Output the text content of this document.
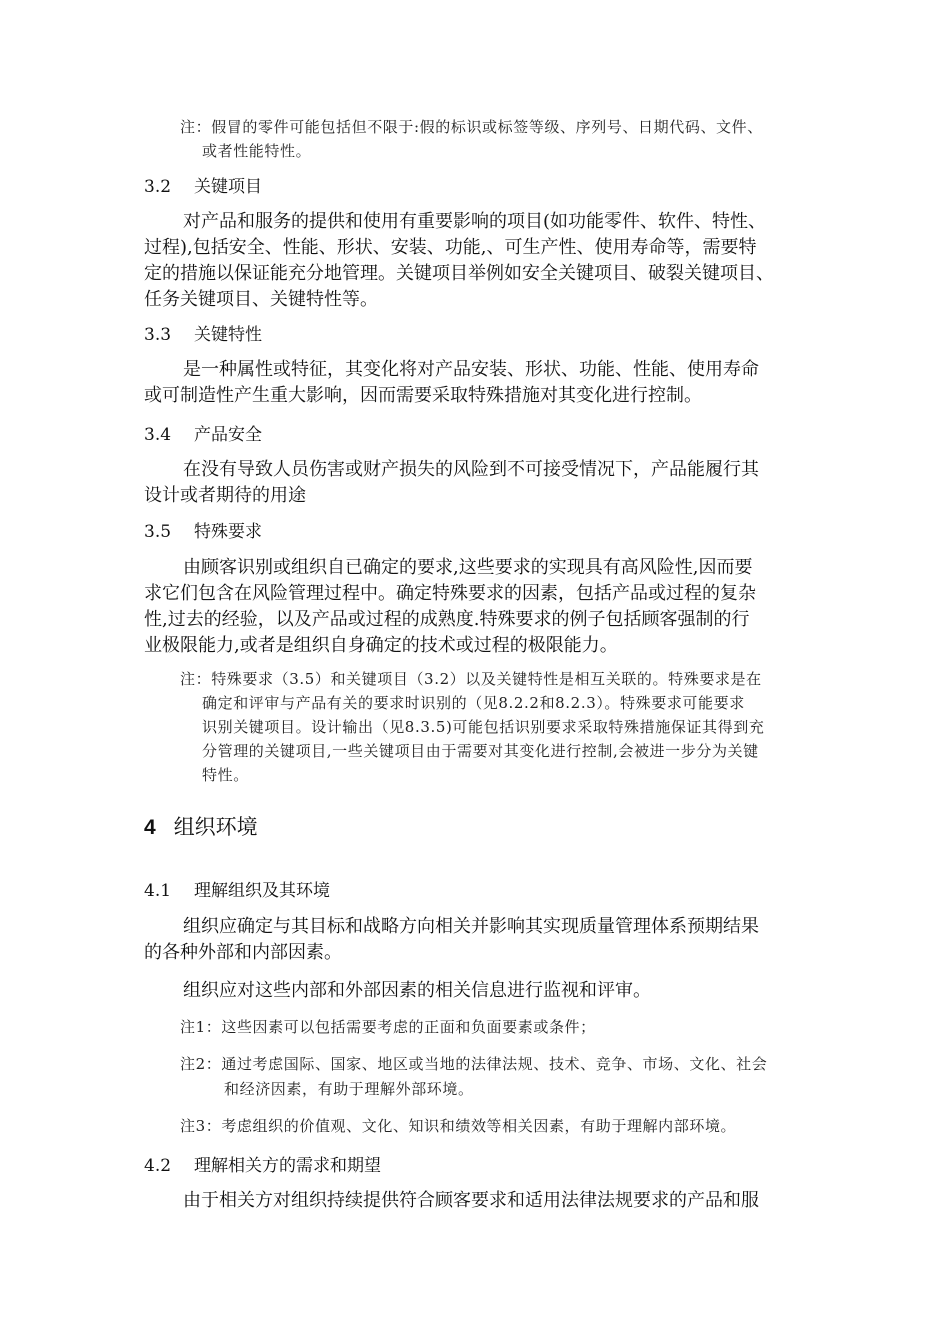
注：假冒的零件可能包括但不限于:假的标识或标签等级、序列号、日期代码、文件、
或者性能特性。
3.2 关键项目
对产品和服务的提供和使用有重要影响的项目(如功能零件、软件、特性、
过程),包括安全、性能、形状、安装、功能,、可生产性、使用寿命等，需要特
定的措施以保证能充分地管理。关键项目举例如安全关键项目、破裂关键项目、
任务关键项目、关键特性等。
3.3 关键特性
是一种属性或特征，其变化将对产品安装、形状、功能、性能、使用寿命
或可制造性产生重大影响，因而需要采取特殊措施对其变化进行控制。
3.4 产品安全
在没有导致人员伤害或财产损失的风险到不可接受情况下，产品能履行其
设计或者期待的用途
3.5 特殊要求
由顾客识别或组织自已确定的要求,这些要求的实现具有高风险性,因而要
求它们包含在风险管理过程中。确定特殊要求的因素，包括产品或过程的复杂
性,过去的经验，以及产品或过程的成熟度.特殊要求的例子包括顾客强制的行
业极限能力,或者是组织自身确定的技术或过程的极限能力。
注：特殊要求（3.5）和关键项目（3.2）以及关键特性是相互关联的。特殊要求是在
确定和评审与产品有关的要求时识别的（见8.2.2和8.2.3）。特殊要求可能要求
识别关键项目。设计输出（见8.3.5)可能包括识别要求采取特殊措施保证其得到充
分管理的关键项目,一些关键项目由于需要对其变化进行控制,会被进一步分为关键
特性。
4 组织环境
4.1 理解组织及其环境
组织应确定与其目标和战略方向相关并影响其实现质量管理体系预期结果
的各种外部和内部因素。
组织应对这些内部和外部因素的相关信息进行监视和评审。
注1：这些因素可以包括需要考虑的正面和负面要素或条件；
注2：通过考虑国际、国家、地区或当地的法律法规、技术、竞争、市场、文化、社会
和经济因素，有助于理解外部环境。
注3：考虑组织的价值观、文化、知识和绩效等相关因素，有助于理解内部环境。
4.2 理解相关方的需求和期望
由于相关方对组织持续提供符合顾客要求和适用法律法规要求的产品和服
